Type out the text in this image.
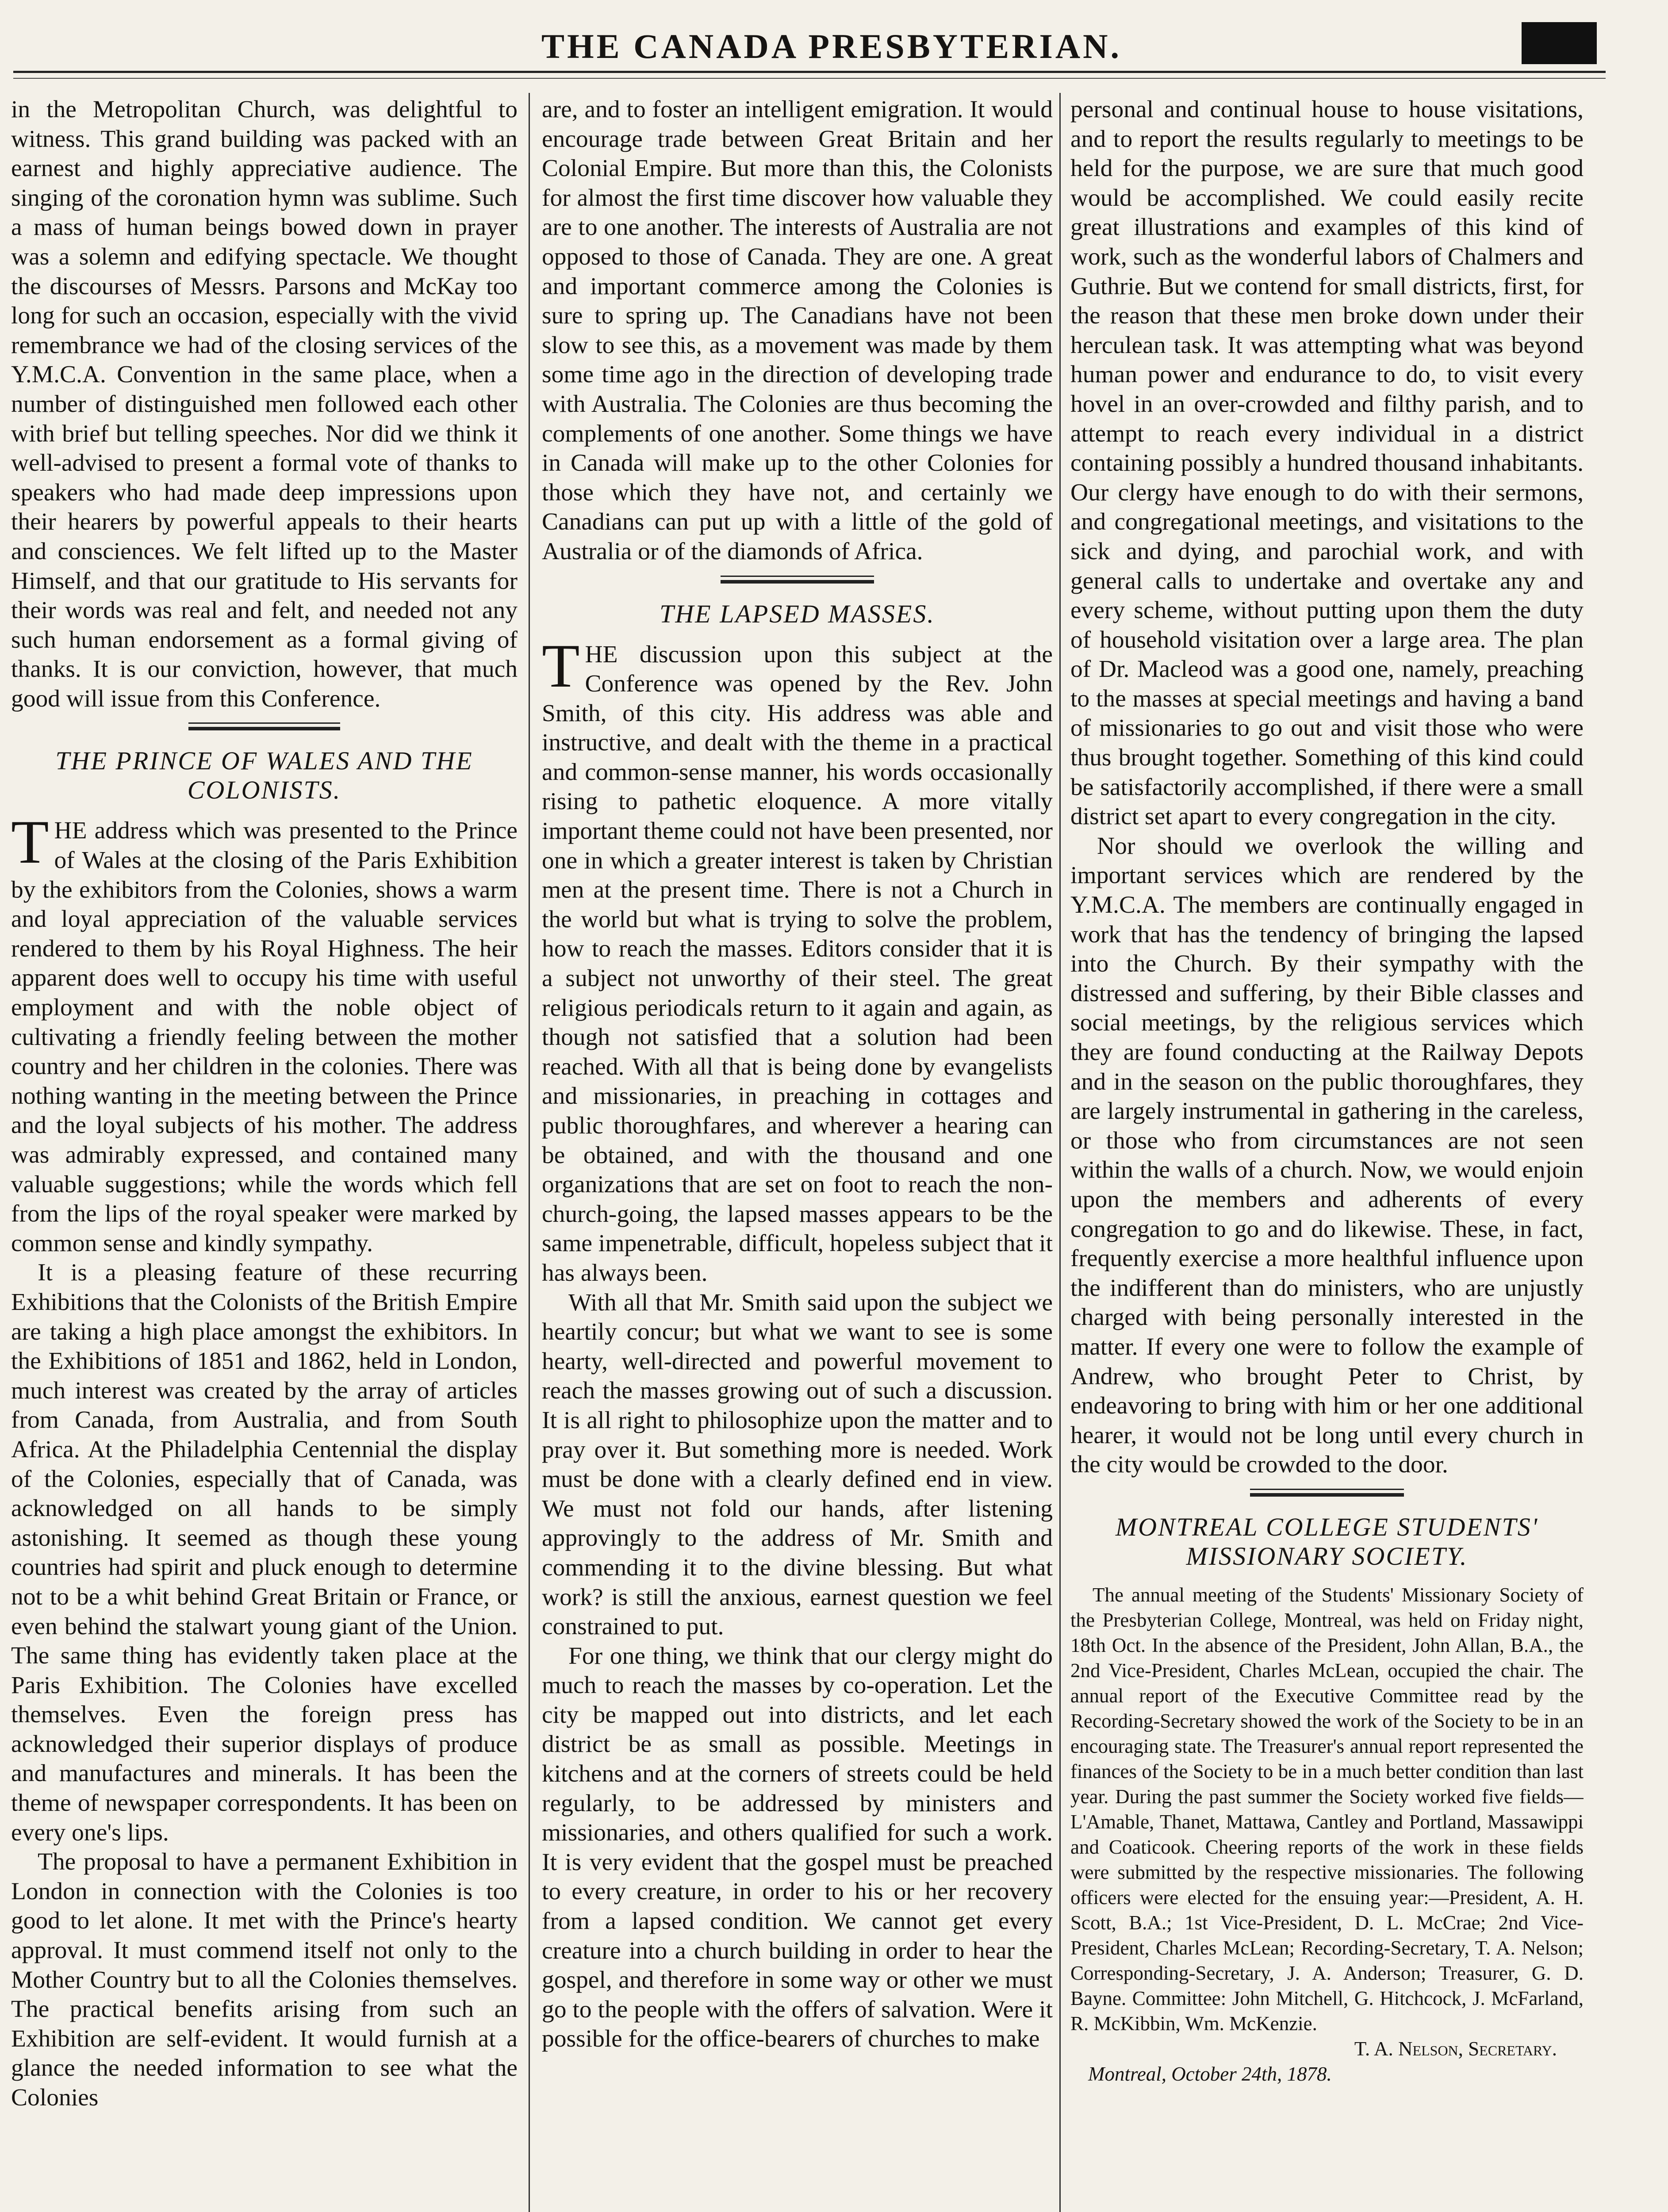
THE CANADA PRESBYTERIAN.

in the Metropolitan Church, was delightful to witness. This grand building was packed with an earnest and highly appreciative audience. The singing of the coronation hymn was sublime. Such a mass of human beings bowed down in prayer was a solemn and edifying spectacle. We thought the discourses of Messrs. Parsons and McKay too long for such an occasion, especially with the vivid remembrance we had of the closing services of the Y.M.C.A. Convention in the same place, when a number of distinguished men followed each other with brief but telling speeches. Nor did we think it well-advised to present a formal vote of thanks to speakers who had made deep impressions upon their hearers by powerful appeals to their hearts and consciences. We felt lifted up to the Master Himself, and that our gratitude to His servants for their words was real and felt, and needed not any such human endorsement as a formal giving of thanks. It is our conviction, however, that much good will issue from this Conference.

THE PRINCE OF WALES AND THE COLONISTS.

THE address which was presented to the Prince of Wales at the closing of the Paris Exhibition by the exhibitors from the Colonies, shows a warm and loyal appreciation of the valuable services rendered to them by his Royal Highness. The heir apparent does well to occupy his time with useful employment and with the noble object of cultivating a friendly feeling between the mother country and her children in the colonies. There was nothing wanting in the meeting between the Prince and the loyal subjects of his mother. The address was admirably expressed, and contained many valuable suggestions; while the words which fell from the lips of the royal speaker were marked by common sense and kindly sympathy.

It is a pleasing feature of these recurring Exhibitions that the Colonists of the British Empire are taking a high place amongst the exhibitors. In the Exhibitions of 1851 and 1862, held in London, much interest was created by the array of articles from Canada, from Australia, and from South Africa. At the Philadelphia Centennial the display of the Colonies, especially that of Canada, was acknowledged on all hands to be simply astonishing. It seemed as though these young countries had spirit and pluck enough to determine not to be a whit behind Great Britain or France, or even behind the stalwart young giant of the Union. The same thing has evidently taken place at the Paris Exhibition. The Colonies have excelled themselves. Even the foreign press has acknowledged their superior displays of produce and manufactures and minerals. It has been the theme of newspaper correspondents. It has been on every one's lips.

The proposal to have a permanent Exhibition in London in connection with the Colonies is too good to let alone. It met with the Prince's hearty approval. It must commend itself not only to the Mother Country but to all the Colonies themselves. The practical benefits arising from such an Exhibition are self-evident. It would furnish at a glance the needed information to see what the Colonies

are, and to foster an intelligent emigration. It would encourage trade between Great Britain and her Colonial Empire. But more than this, the Colonists for almost the first time discover how valuable they are to one another. The interests of Australia are not opposed to those of Canada. They are one. A great and important commerce among the Colonies is sure to spring up. The Canadians have not been slow to see this, as a movement was made by them some time ago in the direction of developing trade with Australia. The Colonies are thus becoming the complements of one another. Some things we have in Canada will make up to the other Colonies for those which they have not, and certainly we Canadians can put up with a little of the gold of Australia or of the diamonds of Africa.

THE LAPSED MASSES.

THE discussion upon this subject at the Conference was opened by the Rev. John Smith, of this city. His address was able and instructive, and dealt with the theme in a practical and common-sense manner, his words occasionally rising to pathetic eloquence. A more vitally important theme could not have been presented, nor one in which a greater interest is taken by Christian men at the present time. There is not a Church in the world but what is trying to solve the problem, how to reach the masses. Editors consider that it is a subject not unworthy of their steel. The great religious periodicals return to it again and again, as though not satisfied that a solution had been reached. With all that is being done by evangelists and missionaries, in preaching in cottages and public thoroughfares, and wherever a hearing can be obtained, and with the thousand and one organizations that are set on foot to reach the non-church-going, the lapsed masses appears to be the same impenetrable, difficult, hopeless subject that it has always been.

With all that Mr. Smith said upon the subject we heartily concur; but what we want to see is some hearty, well-directed and powerful movement to reach the masses growing out of such a discussion. It is all right to philosophize upon the matter and to pray over it. But something more is needed. Work must be done with a clearly defined end in view. We must not fold our hands, after listening approvingly to the address of Mr. Smith and commending it to the divine blessing. But what work? is still the anxious, earnest question we feel constrained to put.

For one thing, we think that our clergy might do much to reach the masses by co-operation. Let the city be mapped out into districts, and let each district be as small as possible. Meetings in kitchens and at the corners of streets could be held regularly, to be addressed by ministers and missionaries, and others qualified for such a work. It is very evident that the gospel must be preached to every creature, in order to his or her recovery from a lapsed condition. We cannot get every creature into a church building in order to hear the gospel, and therefore in some way or other we must go to the people with the offers of salvation. Were it possible for the office-bearers of churches to make

personal and continual house to house visitations, and to report the results regularly to meetings to be held for the purpose, we are sure that much good would be accomplished. We could easily recite great illustrations and examples of this kind of work, such as the wonderful labors of Chalmers and Guthrie. But we contend for small districts, first, for the reason that these men broke down under their herculean task. It was attempting what was beyond human power and endurance to do, to visit every hovel in an over-crowded and filthy parish, and to attempt to reach every individual in a district containing possibly a hundred thousand inhabitants. Our clergy have enough to do with their sermons, and congregational meetings, and visitations to the sick and dying, and parochial work, and with general calls to undertake and overtake any and every scheme, without putting upon them the duty of household visitation over a large area. The plan of Dr. Macleod was a good one, namely, preaching to the masses at special meetings and having a band of missionaries to go out and visit those who were thus brought together. Something of this kind could be satisfactorily accomplished, if there were a small district set apart to every congregation in the city.

Nor should we overlook the willing and important services which are rendered by the Y.M.C.A. The members are continually engaged in work that has the tendency of bringing the lapsed into the Church. By their sympathy with the distressed and suffering, by their Bible classes and social meetings, by the religious services which they are found conducting at the Railway Depots and in the season on the public thoroughfares, they are largely instrumental in gathering in the careless, or those who from circumstances are not seen within the walls of a church. Now, we would enjoin upon the members and adherents of every congregation to go and do likewise. These, in fact, frequently exercise a more healthful influence upon the indifferent than do ministers, who are unjustly charged with being personally interested in the matter. If every one were to follow the example of Andrew, who brought Peter to Christ, by endeavoring to bring with him or her one additional hearer, it would not be long until every church in the city would be crowded to the door.

MONTREAL COLLEGE STUDENTS' MISSIONARY SOCIETY.

The annual meeting of the Students' Missionary Society of the Presbyterian College, Montreal, was held on Friday night, 18th Oct. In the absence of the President, John Allan, B.A., the 2nd Vice-President, Charles McLean, occupied the chair. The annual report of the Executive Committee read by the Recording-Secretary showed the work of the Society to be in an encouraging state. The Treasurer's annual report represented the finances of the Society to be in a much better condition than last year. During the past summer the Society worked five fields—L'Amable, Thanet, Mattawa, Cantley and Portland, Massawippi and Coaticook. Cheering reports of the work in these fields were submitted by the respective missionaries. The following officers were elected for the ensuing year:—President, A. H. Scott, B.A.; 1st Vice-President, D. L. McCrae; 2nd Vice-President, Charles McLean; Recording-Secretary, T. A. Nelson; Corresponding-Secretary, J. A. Anderson; Treasurer, G. D. Bayne. Committee: John Mitchell, G. Hitchcock, J. McFarland, R. McKibbin, Wm. McKenzie.

T. A. Nelson, Secretary.
Montreal, October 24th, 1878.
